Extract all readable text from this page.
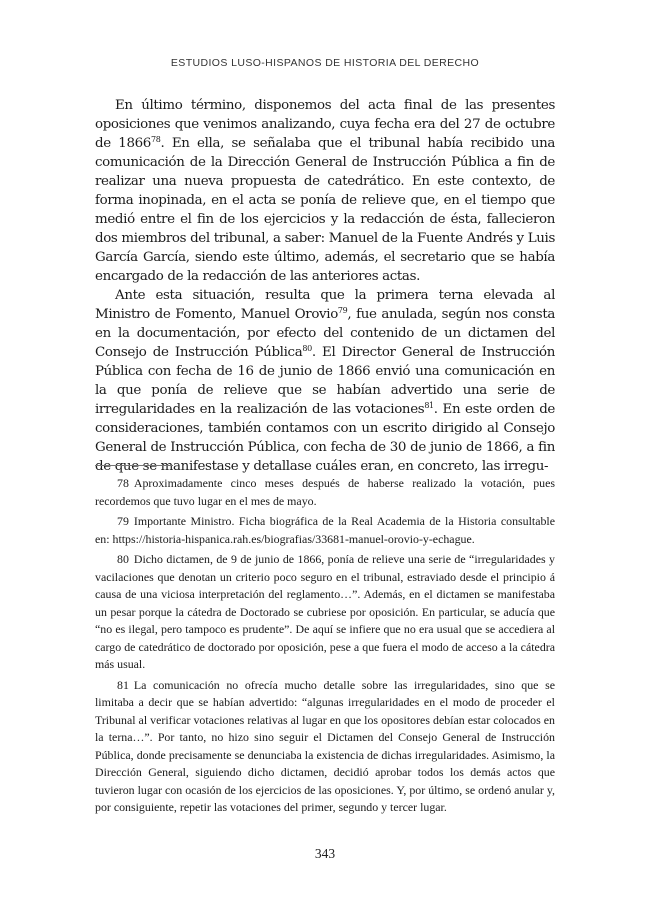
ESTUDIOS LUSO-HISPANOS DE HISTORIA DEL DERECHO

En último término, disponemos del acta final de las presentes oposiciones que venimos analizando, cuya fecha era del 27 de octubre de 1866$^{78}$. En ella, se señalaba que el tribunal había recibido una comunicación de la Dirección General de Instrucción Pública a fin de realizar una nueva propuesta de catedrático. En este contexto, de forma inopinada, en el acta se ponía de relieve que, en el tiempo que medió entre el fin de los ejercicios y la redacción de ésta, fallecieron dos miembros del tribunal, a saber: Manuel de la Fuente Andrés y Luis García García, siendo este último, además, el secretario que se había encargado de la redacción de las anteriores actas.

Ante esta situación, resulta que la primera terna elevada al Ministro de Fomento, Manuel Orovio$^{79}$, fue anulada, según nos consta en la documentación, por efecto del contenido de un dictamen del Consejo de Instrucción Pública$^{80}$. El Director General de Instrucción Pública con fecha de 16 de junio de 1866 envió una comunicación en la que ponía de relieve que se habían advertido una serie de irregularidades en la realización de las votaciones$^{81}$. En este orden de consideraciones, también contamos con un escrito dirigido al Consejo General de Instrucción Pública, con fecha de 30 de junio de 1866, a fin de que se manifestase y detallase cuáles eran, en concreto, las irregu-

78 Aproximadamente cinco meses después de haberse realizado la votación, pues recordemos que tuvo lugar en el mes de mayo.

79 Importante Ministro. Ficha biográfica de la Real Academia de la Historia consultable en: https://historia-hispanica.rah.es/biografias/33681-manuel-orovio-y-echague.

80 Dicho dictamen, de 9 de junio de 1866, ponía de relieve una serie de “irregularidades y vacilaciones que denotan un criterio poco seguro en el tribunal, estraviado desde el principio á causa de una viciosa interpretación del reglamento…”. Además, en el dictamen se manifestaba un pesar porque la cátedra de Doctorado se cubriese por oposición. En particular, se aducía que “no es ilegal, pero tampoco es prudente”. De aquí se infiere que no era usual que se accediera al cargo de catedrático de doctorado por oposición, pese a que fuera el modo de acceso a la cátedra más usual.

81 La comunicación no ofrecía mucho detalle sobre las irregularidades, sino que se limitaba a decir que se habían advertido: “algunas irregularidades en el modo de proceder el Tribunal al verificar votaciones relativas al lugar en que los opositores debían estar colocados en la terna…”. Por tanto, no hizo sino seguir el Dictamen del Consejo General de Instrucción Pública, donde precisamente se denunciaba la existencia de dichas irregularidades. Asimismo, la Dirección General, siguiendo dicho dictamen, decidió aprobar todos los demás actos que tuvieron lugar con ocasión de los ejercicios de las oposiciones. Y, por último, se ordenó anular y, por consiguiente, repetir las votaciones del primer, segundo y tercer lugar.

343
